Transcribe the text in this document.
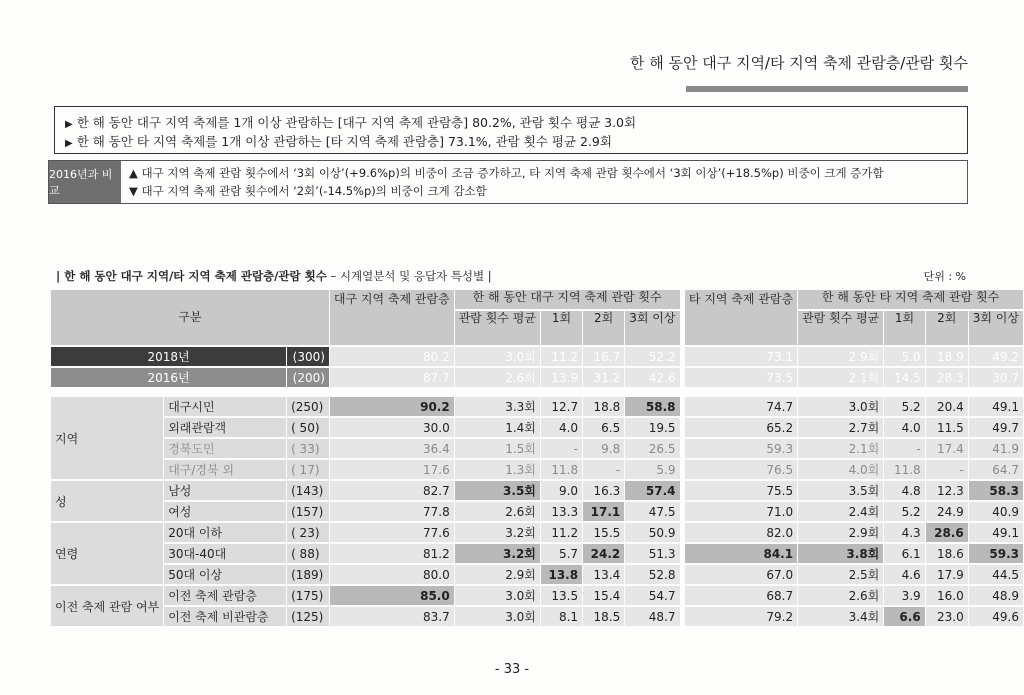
한 해 동안 대구 지역/타 지역 축제 관람층/관람 횟수
▶ 한 해 동안 대구 지역 축제를 1개 이상 관람하는 [대구 지역 축제 관람층] 80.2%, 관람 횟수 평균 3.0회
▶ 한 해 동안 타 지역 축제를 1개 이상 관람하는 [타 지역 축제 관람층] 73.1%, 관람 횟수 평균 2.9회
2016년과 비교
▲ 대구 지역 축제 관람 횟수에서 ‘3회 이상’(+9.6%p)의 비중이 조금 증가하고, 타 지역 축제 관람 횟수에서 ‘3회 이상’(+18.5%p) 비중이 크게 증가함
▼ 대구 지역 축제 관람 횟수에서 ‘2회’(-14.5%p)의 비중이 크게 감소함
| 한 해 동안 대구 지역/타 지역 축제 관람층/관람 횟수 – 시계열분석 및 응답자 특성별 |	단위 : %
구분			대구 지역 축제 관람층	한 해 동안 대구 지역 축제 관람 횟수					타 지역 축제 관람층	한 해 동안 타 지역 축제 관람 횟수			
				관람 횟수 평균	1회	2회	3회 이상			관람 횟수 평균	1회	2회	3회 이상
2018년		(300)	80.2	3.0회	11.2	16.7	52.2		73.1	2.9회	5.0	18.9	49.2
2016년		(200)	87.7	2.6회	13.9	31.2	42.6		73.5	2.1회	14.5	28.3	30.7

지역	대구시민	(250)	90.2	3.3회	12.7	18.8	58.8		74.7	3.0회	5.2	20.4	49.1
	외래관람객	( 50)	30.0	1.4회	4.0	6.5	19.5		65.2	2.7회	4.0	11.5	49.7
	경북도민	( 33)	36.4	1.5회	-	9.8	26.5		59.3	2.1회	-	17.4	41.9
	대구/경북 외	( 17)	17.6	1.3회	11.8	-	5.9		76.5	4.0회	11.8	-	64.7
성	남성	(143)	82.7	3.5회	9.0	16.3	57.4		75.5	3.5회	4.8	12.3	58.3
	여성	(157)	77.8	2.6회	13.3	17.1	47.5		71.0	2.4회	5.2	24.9	40.9
연령	20대 이하	( 23)	77.6	3.2회	11.2	15.5	50.9		82.0	2.9회	4.3	28.6	49.1
	30대-40대	( 88)	81.2	3.2회	5.7	24.2	51.3		84.1	3.8회	6.1	18.6	59.3
	50대 이상	(189)	80.0	2.9회	13.8	13.4	52.8		67.0	2.5회	4.6	17.9	44.5
이전 축제 관람 여부	이전 축제 관람층	(175)	85.0	3.0회	13.5	15.4	54.7		68.7	2.6회	3.9	16.0	48.9
	이전 축제 비관람층	(125)	83.7	3.0회	8.1	18.5	48.7		79.2	3.4회	6.6	23.0	49.6
- 33 -
